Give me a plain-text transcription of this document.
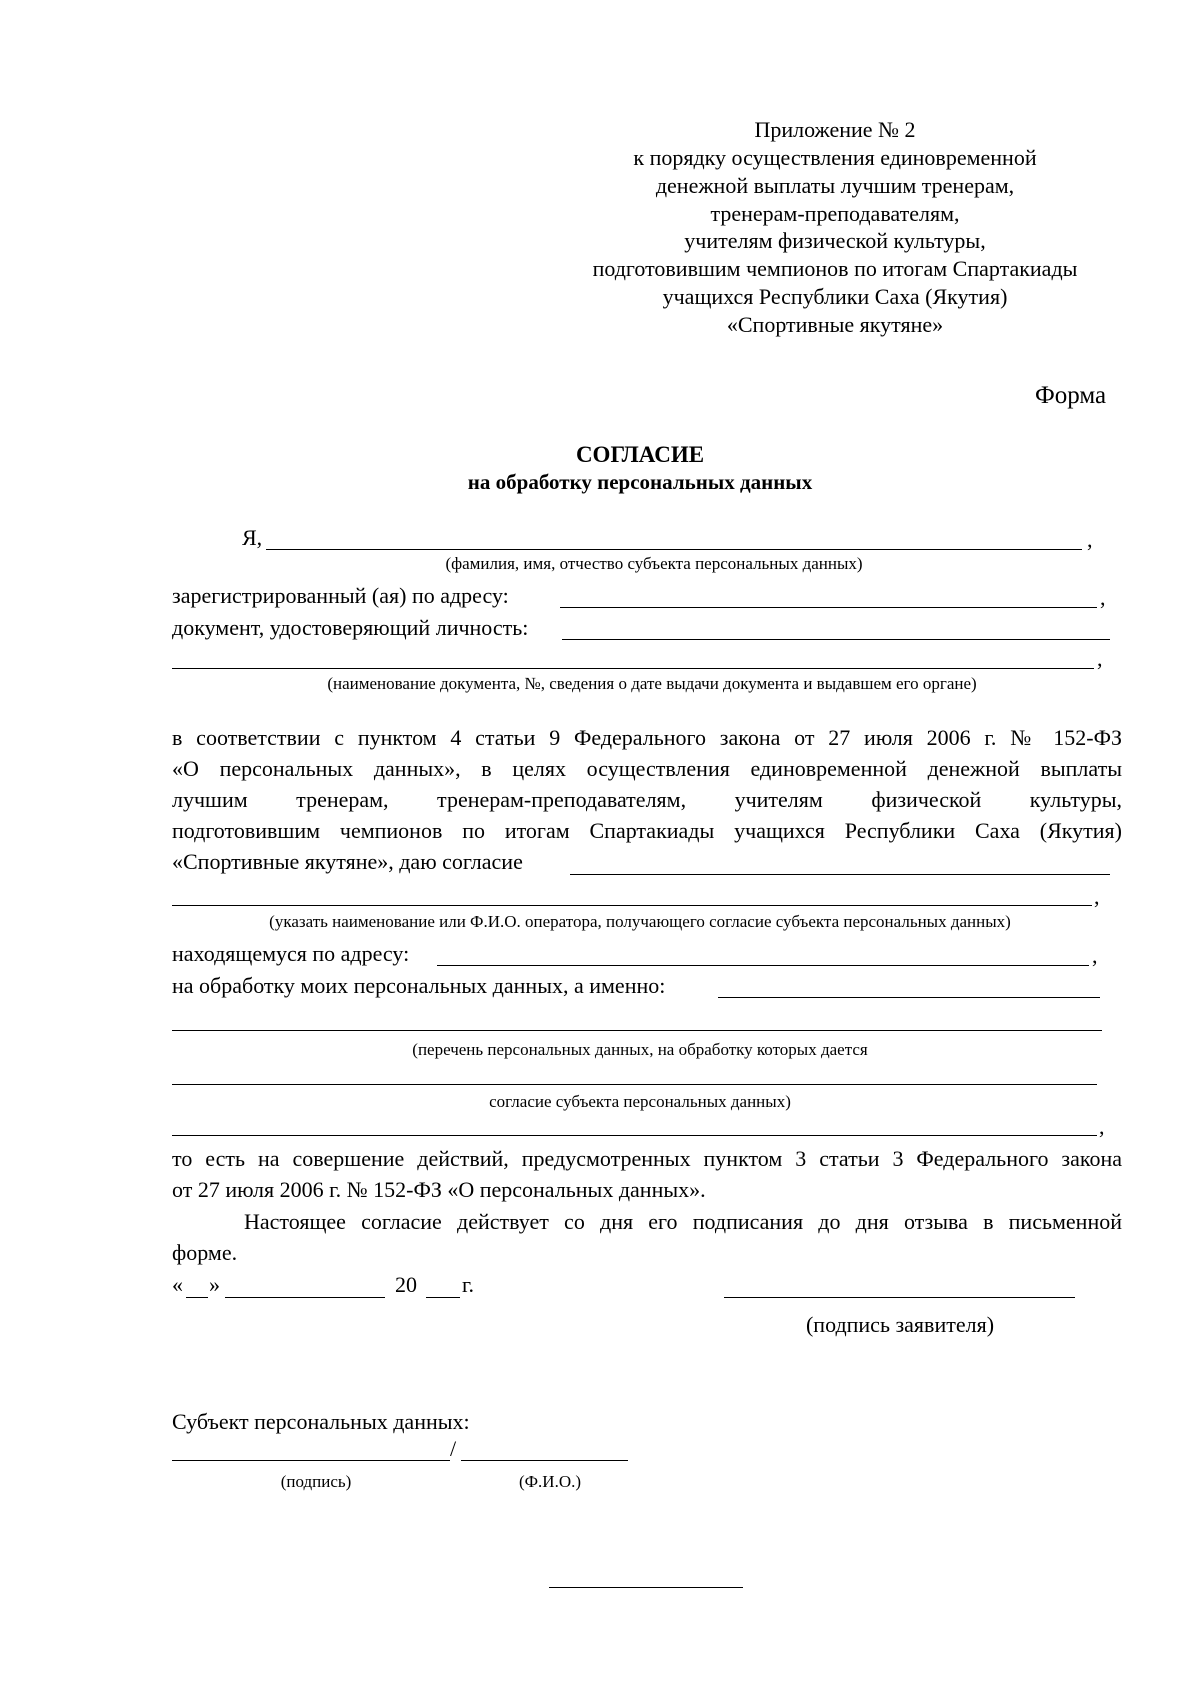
Приложение № 2
к порядку осуществления единовременной
денежной выплаты лучшим тренерам,
тренерам-преподавателям,
учителям физической культуры,
подготовившим чемпионов по итогам Спартакиады
учащихся Республики Саха (Якутия)
«Спортивные якутяне»
Форма
СОГЛАСИЕ
на обработку персональных данных
Я,	,
(фамилия, имя, отчество субъекта персональных данных)
зарегистрированный (ая) по адресу:	,
документ, удостоверяющий личность:
,
(наименование документа, №, сведения о дате выдачи документа и выдавшем его органе)
в соответствии с пунктом 4 статьи 9 Федерального закона от 27 июля 2006 г. № 152-ФЗ
«О персональных данных», в целях осуществления единовременной денежной выплаты
лучшим тренерам, тренерам-преподавателям, учителям физической культуры,
подготовившим чемпионов по итогам Спартакиады учащихся Республики Саха (Якутия)
«Спортивные якутяне», даю согласие
,
(указать наименование или Ф.И.О. оператора, получающего согласие субъекта персональных данных)
находящемуся по адресу:	,
на обработку моих персональных данных, а именно:
(перечень персональных данных, на обработку которых дается
согласие субъекта персональных данных)
,
то есть на совершение действий, предусмотренных пунктом 3 статьи 3 Федерального закона
от 27 июля 2006 г. № 152-ФЗ «О персональных данных».
Настоящее согласие действует со дня его подписания до дня отзыва в письменной
форме.
« »	20 г.
(подпись заявителя)
Субъект персональных данных:
/
(подпись)	(Ф.И.О.)
